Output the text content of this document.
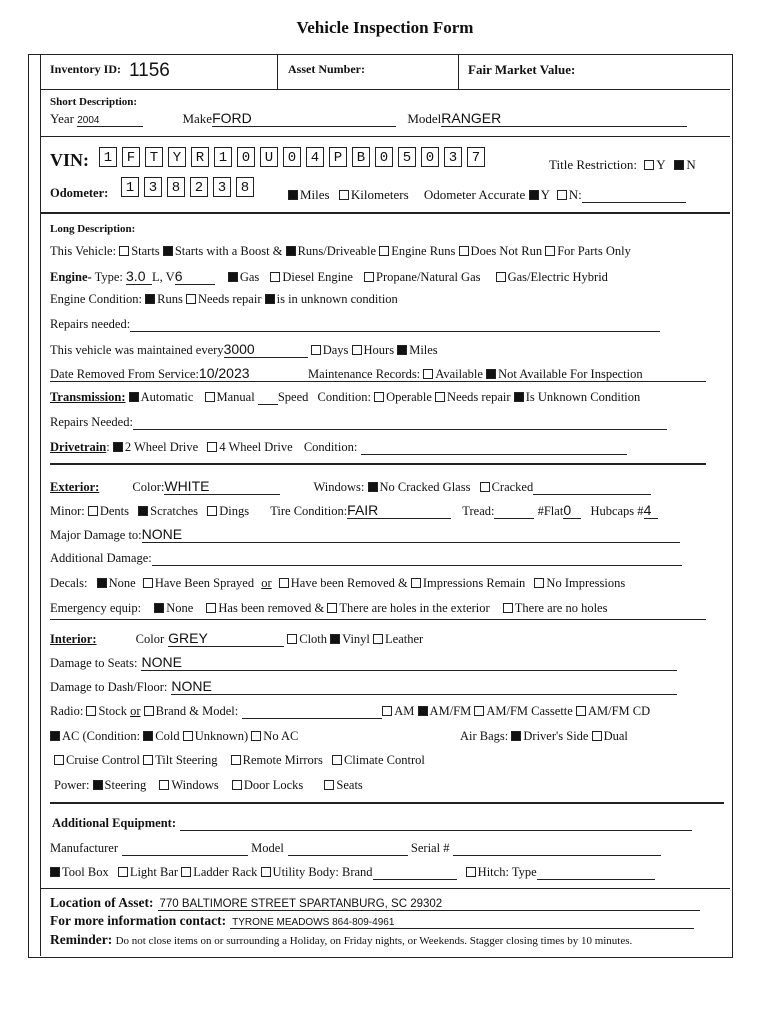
Vehicle Inspection Form
Inventory ID: 1156	Asset Number:	Fair Market Value:
Short Description:
Year 2004	MakeFORD	ModelRANGER
VIN:	1 F T Y R 1 0 U 0 4 P B 0 5 0 3 7	Title Restriction: Y N
Odometer:	1 3 8 2 3 8	Miles Kilometers Odometer Accurate Y N:
Long Description:
This Vehicle: Starts Starts with a Boost & Runs/Driveable Engine Runs Does Not Run For Parts Only
Engine- Type: 3.0 L, V6	Gas Diesel Engine Propane/Natural Gas Gas/Electric Hybrid
Engine Condition: Runs Needs repair is in unknown condition
Repairs needed:
This vehicle was maintained every3000	Days Hours Miles
Date Removed From Service:10/2023	Maintenance Records: Available Not Available For Inspection
Transmission: Automatic Manual Speed Condition: Operable Needs repair Is Unknown Condition
Repairs Needed:
Drivetrain: 2 Wheel Drive 4 Wheel Drive Condition:
Exterior:	Color:WHITE	Windows: No Cracked Glass Cracked
Minor: Dents Scratches Dings Tire Condition:FAIR	Tread:	#Flat0 Hubcaps #4
Major Damage to:NONE
Additional Damage:
Decals: None Have Been Sprayed or Have been Removed & Impressions Remain No Impressions
Emergency equip: None Has been removed & There are holes in the exterior There are no holes
Interior:	Color GREY	Cloth Vinyl Leather
Damage to Seats: NONE
Damage to Dash/Floor: NONE
Radio: Stock or Brand & Model:	AM AM/FM AM/FM Cassette AM/FM CD
AC (Condition: Cold Unknown) No AC	Air Bags: Driver's Side Dual
Cruise Control Tilt Steering Remote Mirrors Climate Control
Power: Steering Windows Door Locks	Seats
Additional Equipment:
Manufacturer	Model	Serial #
Tool Box Light Bar Ladder Rack Utility Body: Brand	Hitch: Type
Location of Asset: 770 BALTIMORE STREET SPARTANBURG, SC 29302
For more information contact: TYRONE MEADOWS 864-809-4961
Reminder: Do not close items on or surrounding a Holiday, on Friday nights, or Weekends. Stagger closing times by 10 minutes.
